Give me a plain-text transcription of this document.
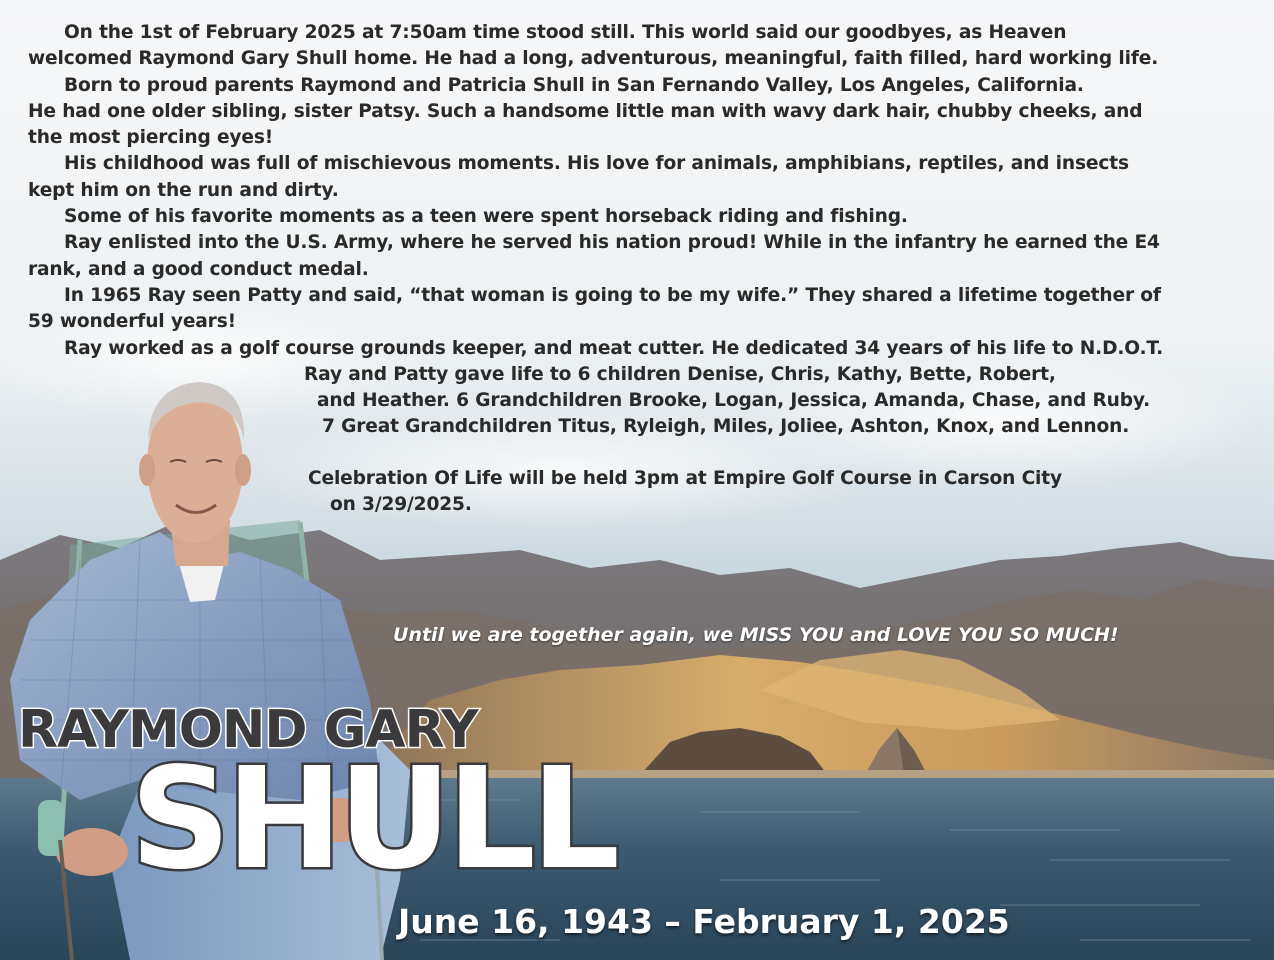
On the 1st of February 2025 at 7:50am time stood still. This world said our goodbyes, as Heaven

welcomed Raymond Gary Shull home. He had a long, adventurous, meaningful, faith filled, hard working life.

Born to proud parents Raymond and Patricia Shull in San Fernando Valley, Los Angeles, California.

He had one older sibling, sister Patsy. Such a handsome little man with wavy dark hair, chubby cheeks, and

the most piercing eyes!

His childhood was full of mischievous moments. His love for animals, amphibians, reptiles, and insects

kept him on the run and dirty.

Some of his favorite moments as a teen were spent horseback riding and fishing.

Ray enlisted into the U.S. Army, where he served his nation proud! While in the infantry he earned the E4

rank, and a good conduct medal.

In 1965 Ray seen Patty and said, “that woman is going to be my wife.” They shared a lifetime together of

59 wonderful years!

Ray worked as a golf course grounds keeper, and meat cutter. He dedicated 34 years of his life to N.D.O.T.

Ray and Patty gave life to 6 children Denise, Chris, Kathy, Bette, Robert,
and Heather. 6 Grandchildren Brooke, Logan, Jessica, Amanda, Chase, and Ruby.
7 Great Grandchildren Titus, Ryleigh, Miles, Joliee, Ashton, Knox, and Lennon.
Celebration Of Life will be held 3pm at Empire Golf Course in Carson City
on 3/29/2025.
Until we are together again, we MISS YOU and LOVE YOU SO MUCH!
RAYMOND GARY
SHULL
June 16, 1943 – February 1, 2025
